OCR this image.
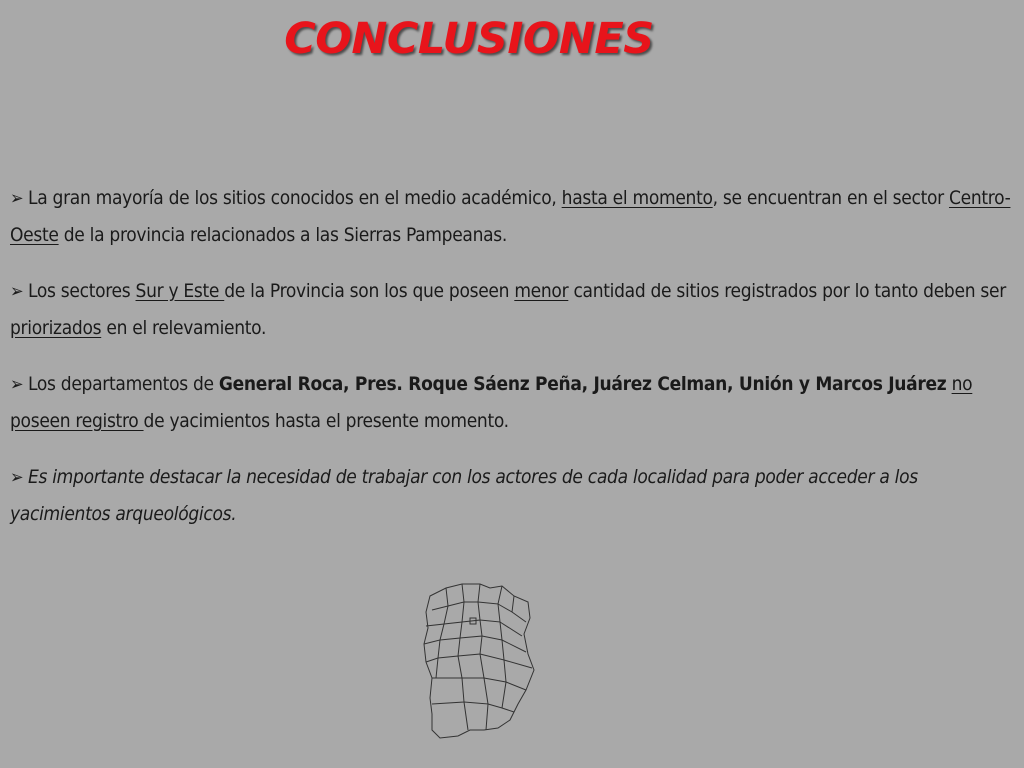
CONCLUSIONES

➢ La gran mayoría de los sitios conocidos en el medio académico, hasta el momento, se encuentran en el sector Centro-Oeste de la provincia relacionados a las Sierras Pampeanas.

➢ Los sectores Sur y Este de la Provincia son los que poseen menor cantidad de sitios registrados por lo tanto deben ser priorizados en el relevamiento.

➢ Los departamentos de General Roca, Pres. Roque Sáenz Peña, Juárez Celman, Unión y Marcos Juárez no poseen registro de yacimientos hasta el presente momento.

➢ Es importante destacar la necesidad de trabajar con los actores de cada localidad para poder acceder a los yacimientos arqueológicos.
